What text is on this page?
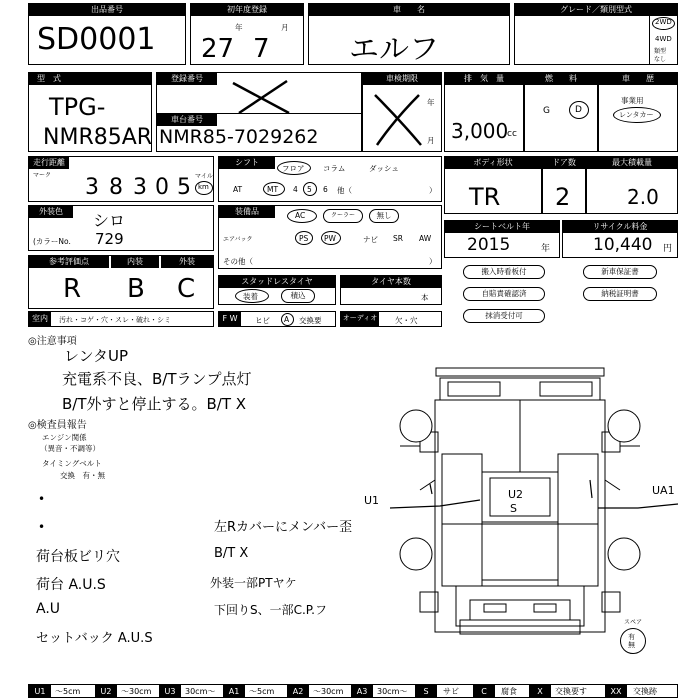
出品番号
SD0001
初年度登録
年	月
27 7
車　　名
エルフ
グレード／類別型式
2WD
4WD
類型
なし
型　式
TPG-
NMR85AR
登録番号
車台番号
NMR85-7029262
車検期限
年
月
排　気　量
3,000
cc
燃　　料
G	D
車　　歴
事業用
レンタカー
走行距離
マーク 3 8 3 0 5 マイル
km
シフト
フロア コラム	ダッシュ
AT	MT 4 5 6 他（	）
ボディ形状
TR
ドア数
2
最大積載量
2.0
外装色	シロ
(カラーNo. 729
装備品	AC	クーラー	無し
エアバック	PS PW	ナビ SR AW
その他（	）
シートベルト年
2015	年
リサイクル料金
10,440 円
参考評価点	内装	外装
R B C	スタッドレスタイヤ
装着	積込
タイヤ本数
本
搬入時看板付	新車保証書
自賠責確認済	納税証明書
抹消受付可
室内	汚れ・コゲ・穴・スレ・破れ・シミ	F W	ヒビ A 交換要	オーディオ 欠・穴
◎注意事項
レンタUP
充電系不良、B/Tランプ点灯
B/T外すと停止する。B/T X
◎検査員報告
エンジン関係
（異音・不調等）
タイミングベルト
交換　有・無
•
•	左Rカバーにメンバー歪
荷台板ビリ穴	B/T X
荷台 A.U.S	外装一部PTヤケ
A.U	下回りS、一部C.P.フ
セットバック A.U.S
U1	U2
S
UA1
スペア
有
無
U1	〜5cm	U2	〜30cm	U3	30cm〜	A1	〜5cm	A2	〜30cm	A3	30cm〜	S	サビ	C	腐食	X	交換要す	XX	交換跡
